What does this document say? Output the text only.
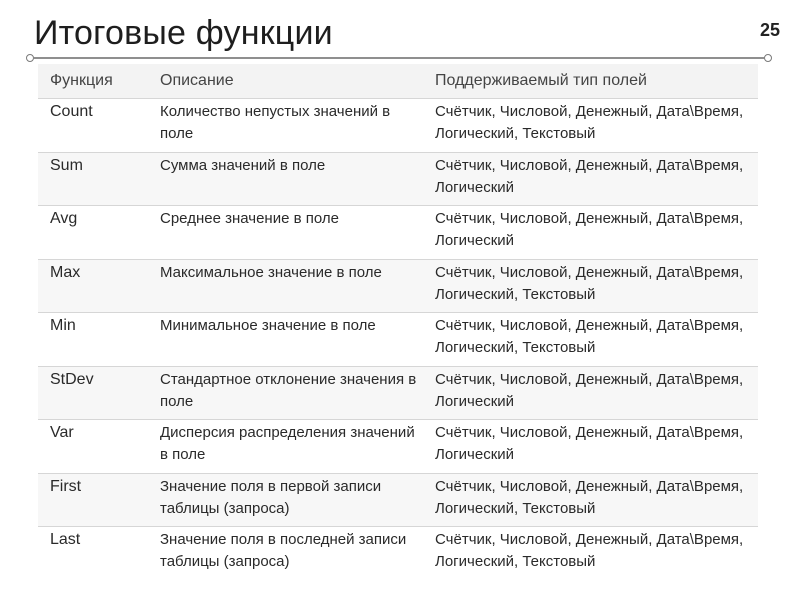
Итоговые функции	25
Функция	Описание	Поддерживаемый тип полей
Count	Количество непустых значений в поле	Счётчик, Числовой, Денежный, Дата\Время, Логический, Текстовый
Sum	Сумма значений в поле	Счётчик, Числовой, Денежный, Дата\Время, Логический
Avg	Среднее значение в поле	Счётчик, Числовой, Денежный, Дата\Время, Логический
Max	Максимальное значение в поле	Счётчик, Числовой, Денежный, Дата\Время, Логический, Текстовый
Min	Минимальное значение в поле	Счётчик, Числовой, Денежный, Дата\Время, Логический, Текстовый
StDev	Стандартное отклонение значения в поле	Счётчик, Числовой, Денежный, Дата\Время, Логический
Var	Дисперсия распределения значений в поле	Счётчик, Числовой, Денежный, Дата\Время, Логический
First	Значение поля в первой записи таблицы (запроса)	Счётчик, Числовой, Денежный, Дата\Время, Логический, Текстовый
Last	Значение поля в последней записи таблицы (запроса)	Счётчик, Числовой, Денежный, Дата\Время, Логический, Текстовый
